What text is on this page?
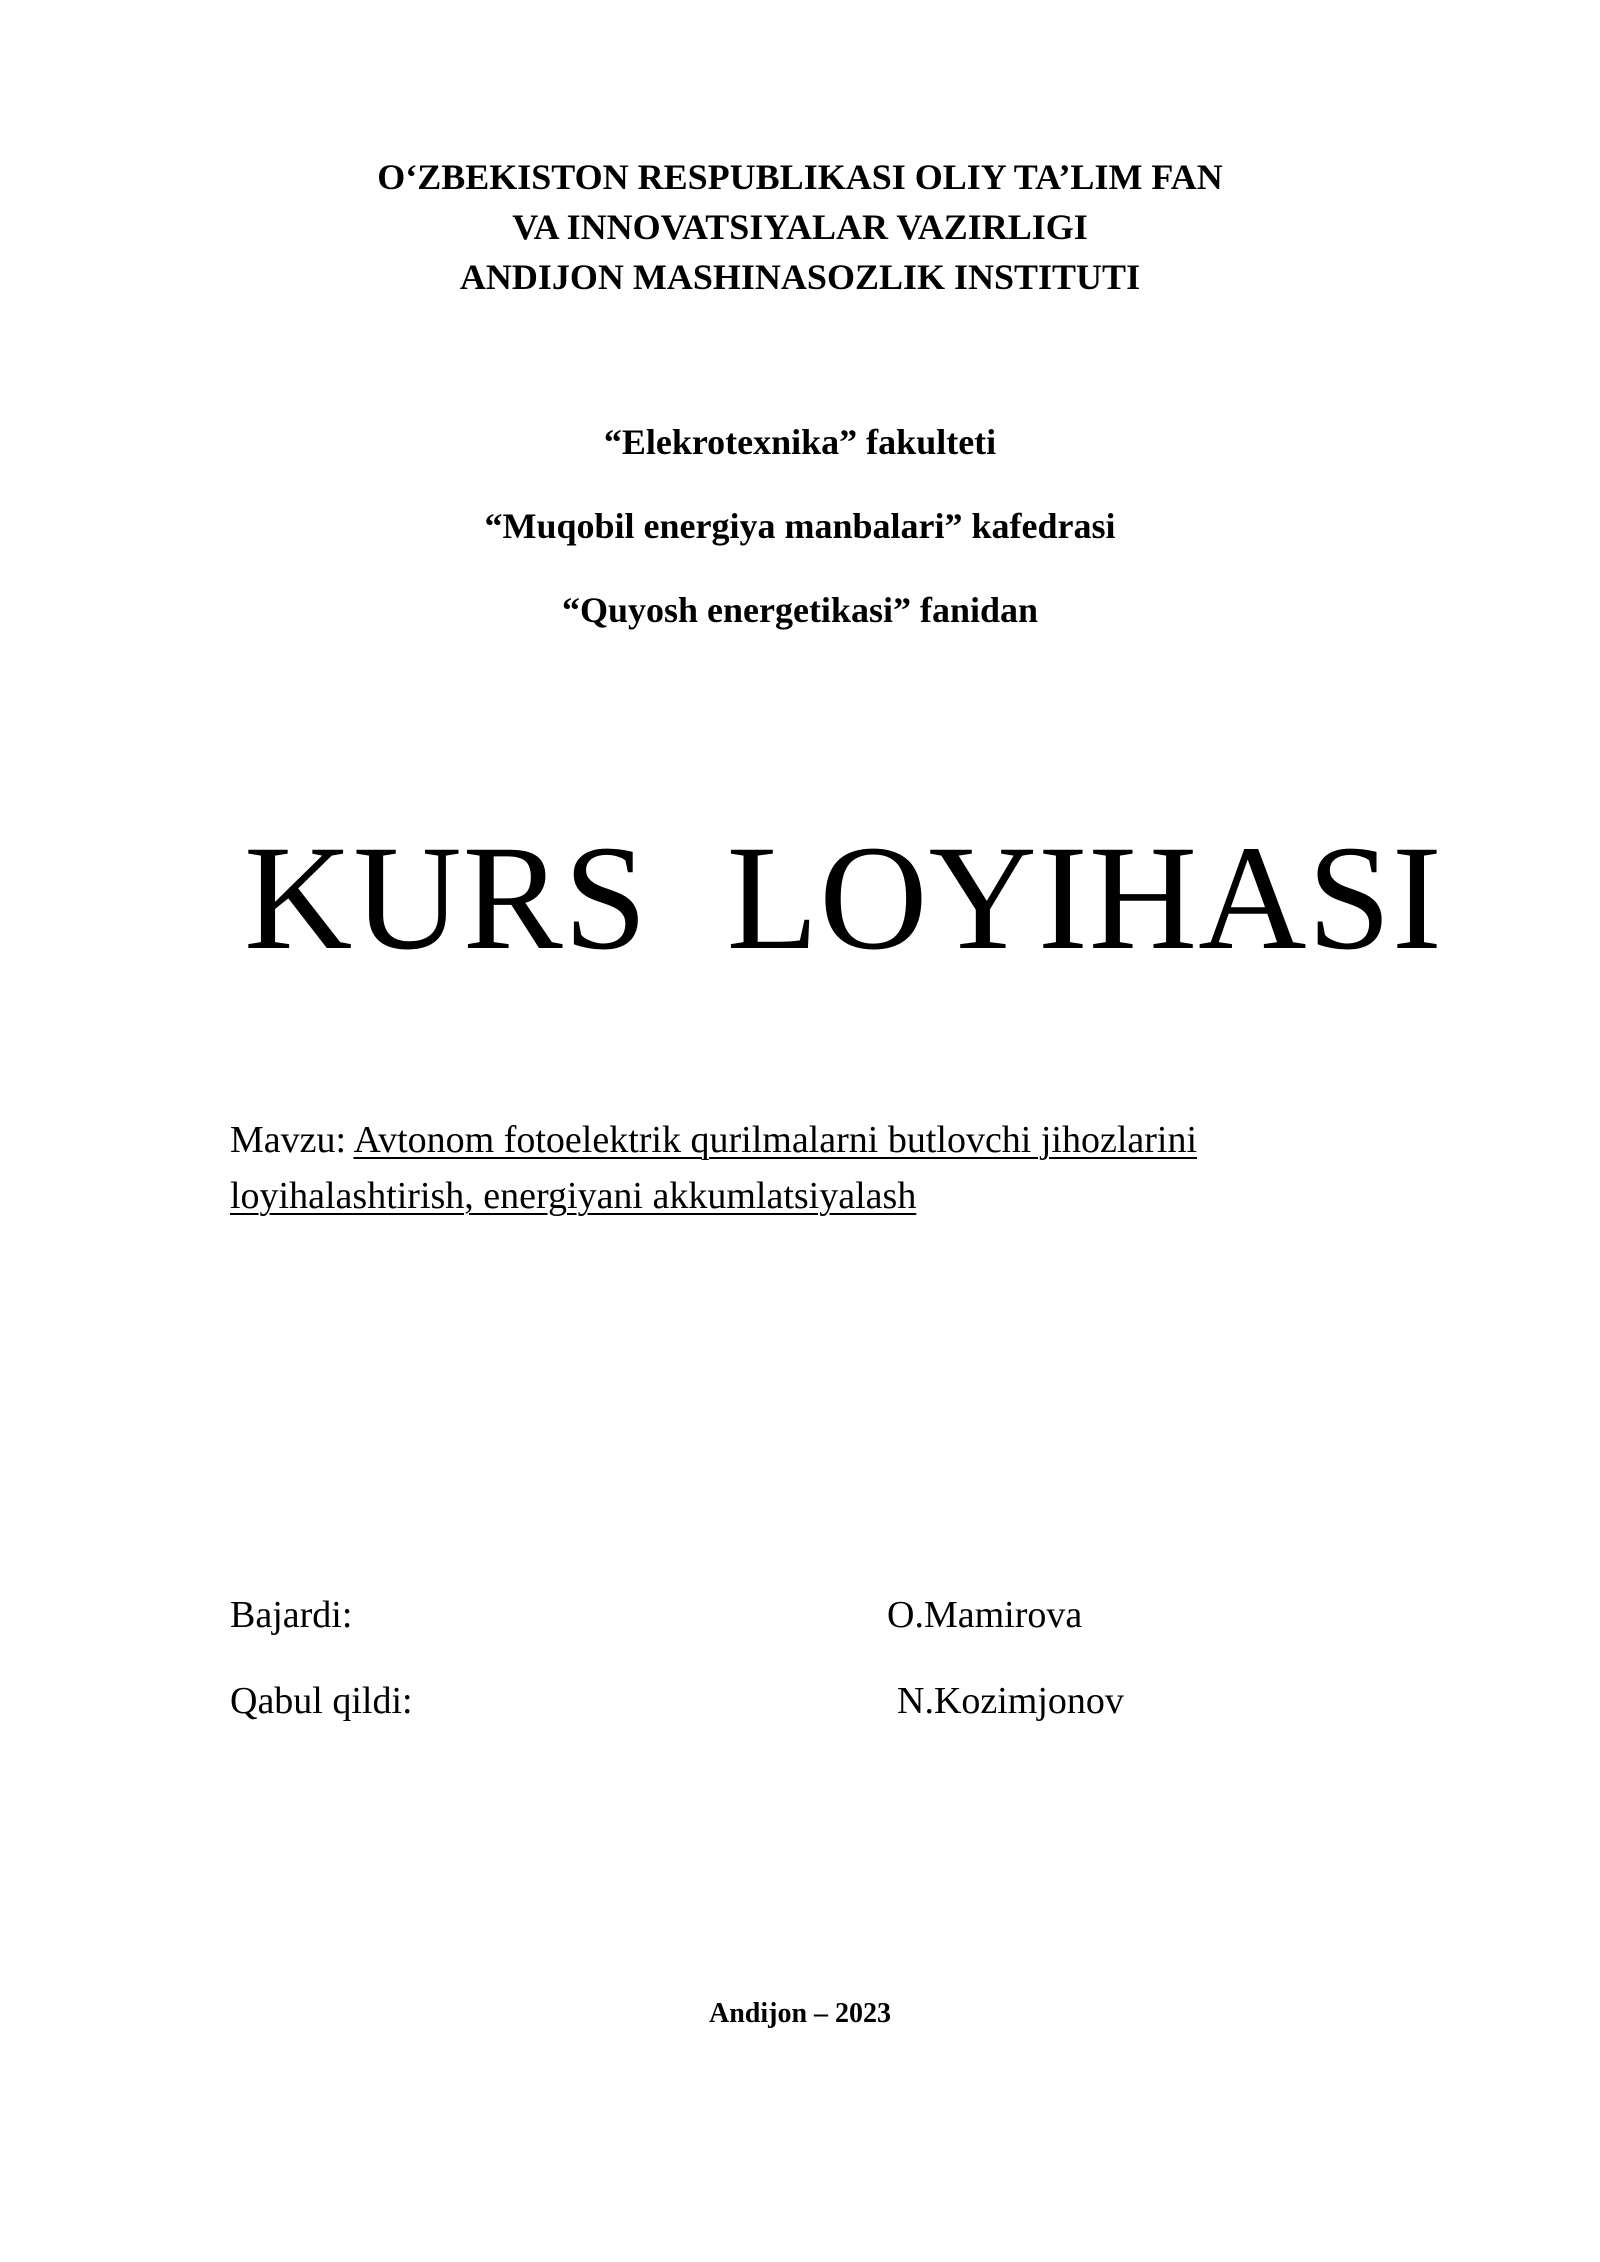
O‘ZBEKISTON RESPUBLIKASI OLIY TA’LIM FAN
VA INNOVATSIYALAR VAZIRLIGI
ANDIJON MASHINASOZLIK INSTITUTI
“Elekrotexnika” fakulteti
“Muqobil energiya manbalari” kafedrasi
“Quyosh energetikasi” fanidan
KURS LOYIHASI
Mavzu: Avtonom fotoelektrik qurilmalarni butlovchi jihozlarini
loyihalashtirish, energiyani akkumlatsiyalash
Bajardi:	O.Mamirova
Qabul qildi:	N.Kozimjonov
Andijon – 2023
